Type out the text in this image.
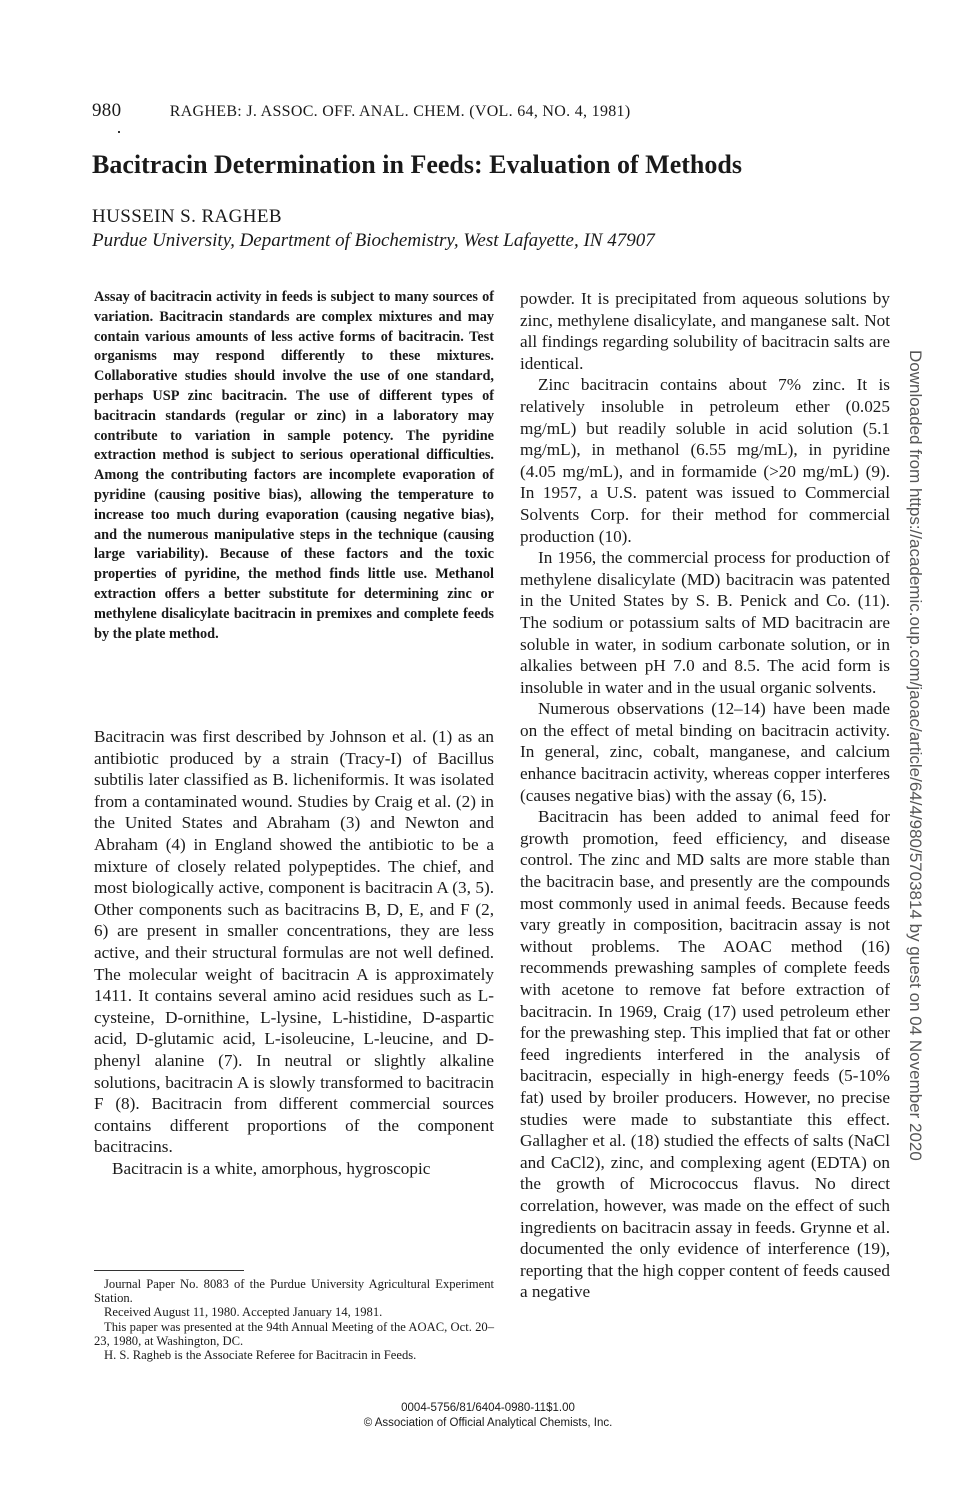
980	RAGHEB: J. ASSOC. OFF. ANAL. CHEM. (VOL. 64, NO. 4, 1981)
Bacitracin Determination in Feeds: Evaluation of Methods
HUSSEIN S. RAGHEB
Purdue University, Department of Biochemistry, West Lafayette, IN 47907

Assay of bacitracin activity in feeds is subject to many sources of variation. Bacitracin standards are complex mixtures and may contain various amounts of less active forms of bacitracin. Test organisms may respond differently to these mixtures. Collaborative studies should involve the use of one standard, perhaps USP zinc bacitracin. The use of different types of bacitracin standards (regular or zinc) in a laboratory may contribute to variation in sample potency. The pyridine extraction method is subject to serious operational difficulties. Among the contributing factors are incomplete evaporation of pyridine (causing positive bias), allowing the temperature to increase too much during evaporation (causing negative bias), and the numerous manipulative steps in the technique (causing large variability). Because of these factors and the toxic properties of pyridine, the method finds little use. Methanol extraction offers a better substitute for determining zinc or methylene disalicylate bacitracin in premixes and complete feeds by the plate method.

Bacitracin was first described by Johnson et al. (1) as an antibiotic produced by a strain (Tracy-I) of Bacillus subtilis later classified as B. licheniformis. It was isolated from a contaminated wound. Studies by Craig et al. (2) in the United States and Abraham (3) and Newton and Abraham (4) in England showed the antibiotic to be a mixture of closely related polypeptides. The chief, and most biologically active, component is bacitracin A (3, 5). Other components such as bacitracins B, D, E, and F (2, 6) are present in smaller concentrations, they are less active, and their structural formulas are not well defined. The molecular weight of bacitracin A is approximately 1411. It contains several amino acid residues such as L-cysteine, D-ornithine, L-lysine, L-histidine, D-aspartic acid, D-glutamic acid, L-isoleucine, L-leucine, and D-phenyl alanine (7). In neutral or slightly alkaline solutions, bacitracin A is slowly transformed to bacitracin F (8). Bacitracin from different commercial sources contains different proportions of the component bacitracins.

Bacitracin is a white, amorphous, hygroscopic

powder. It is precipitated from aqueous solutions by zinc, methylene disalicylate, and manganese salt. Not all findings regarding solubility of bacitracin salts are identical.

Zinc bacitracin contains about 7% zinc. It is relatively insoluble in petroleum ether (0.025 mg/mL) but readily soluble in acid solution (5.1 mg/mL), in methanol (6.55 mg/mL), in pyridine (4.05 mg/mL), and in formamide (>20 mg/mL) (9). In 1957, a U.S. patent was issued to Commercial Solvents Corp. for their method for commercial production (10).

In 1956, the commercial process for production of methylene disalicylate (MD) bacitracin was patented in the United States by S. B. Penick and Co. (11). The sodium or potassium salts of MD bacitracin are soluble in water, in sodium carbonate solution, or in alkalies between pH 7.0 and 8.5. The acid form is insoluble in water and in the usual organic solvents.

Numerous observations (12–14) have been made on the effect of metal binding on bacitracin activity. In general, zinc, cobalt, manganese, and calcium enhance bacitracin activity, whereas copper interferes (causes negative bias) with the assay (6, 15).

Bacitracin has been added to animal feed for growth promotion, feed efficiency, and disease control. The zinc and MD salts are more stable than the bacitracin base, and presently are the compounds most commonly used in animal feeds. Because feeds vary greatly in composition, bacitracin assay is not without problems. The AOAC method (16) recommends prewashing samples of complete feeds with acetone to remove fat before extraction of bacitracin. In 1969, Craig (17) used petroleum ether for the prewashing step. This implied that fat or other feed ingredients interfered in the analysis of bacitracin, especially in high-energy feeds (5-10% fat) used by broiler producers. However, no precise studies were made to substantiate this effect. Gallagher et al. (18) studied the effects of salts (NaCl and CaCl2), zinc, and complexing agent (EDTA) on the growth of Micrococcus flavus. No direct correlation, however, was made on the effect of such ingredients on bacitracin assay in feeds. Grynne et al. documented the only evidence of interference (19), reporting that the high copper content of feeds caused a negative

Journal Paper No. 8083 of the Purdue University Agricultural Experiment Station.
Received August 11, 1980. Accepted January 14, 1981.
This paper was presented at the 94th Annual Meeting of the AOAC, Oct. 20–23, 1980, at Washington, DC.
H. S. Ragheb is the Associate Referee for Bacitracin in Feeds.
0004-5756/81/6404-0980-11$1.00
© Association of Official Analytical Chemists, Inc.
Downloaded from https://academic.oup.com/jaoac/article/64/4/980/5703814 by guest on 04 November 2020
